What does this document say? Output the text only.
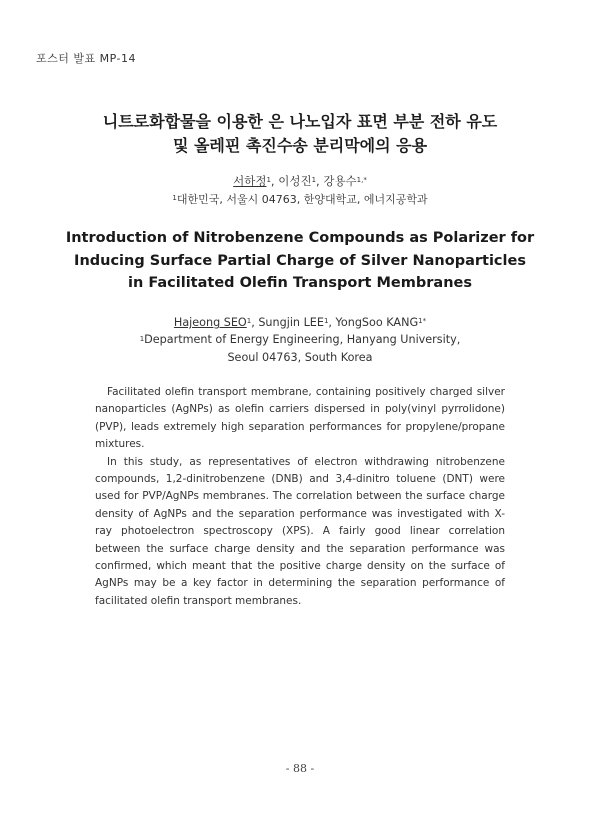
포스터 발표 MP-14
니트로화합물을 이용한 은 나노입자 표면 부분 전하 유도
및 올레핀 촉진수송 분리막에의 응용
서하정$^1$, 이성진$^1$, 강용수$^{1,*}$
$^1$대한민국, 서울시 04763, 한양대학교, 에너지공학과
Introduction of Nitrobenzene Compounds as Polarizer for
Inducing Surface Partial Charge of Silver Nanoparticles
in Facilitated Olefin Transport Membranes
Hajeong SEO$^1$, Sungjin LEE$^1$, YongSoo $KANG^{1*}$
$^1$Department of Energy Engineering, Hanyang University,
Seoul 04763, South Korea

Facilitated olefin transport membrane, containing positively charged silver nanoparticles (AgNPs) as olefin carriers dispersed in poly(vinyl pyrrolidone) (PVP), leads extremely high separation performances for propylene/propane mixtures.

In this study, as representatives of electron withdrawing nitrobenzene compounds, 1,2-dinitrobenzene (DNB) and 3,4-dinitro toluene (DNT) were used for PVP/AgNPs membranes. The correlation between the surface charge density of AgNPs and the separation performance was investigated with X-ray photoelectron spectroscopy (XPS). A fairly good linear correlation between the surface charge density and the separation performance was confirmed, which meant that the positive charge density on the surface of AgNPs may be a key factor in determining the separation performance of facilitated olefin transport membranes.

- 88 -
